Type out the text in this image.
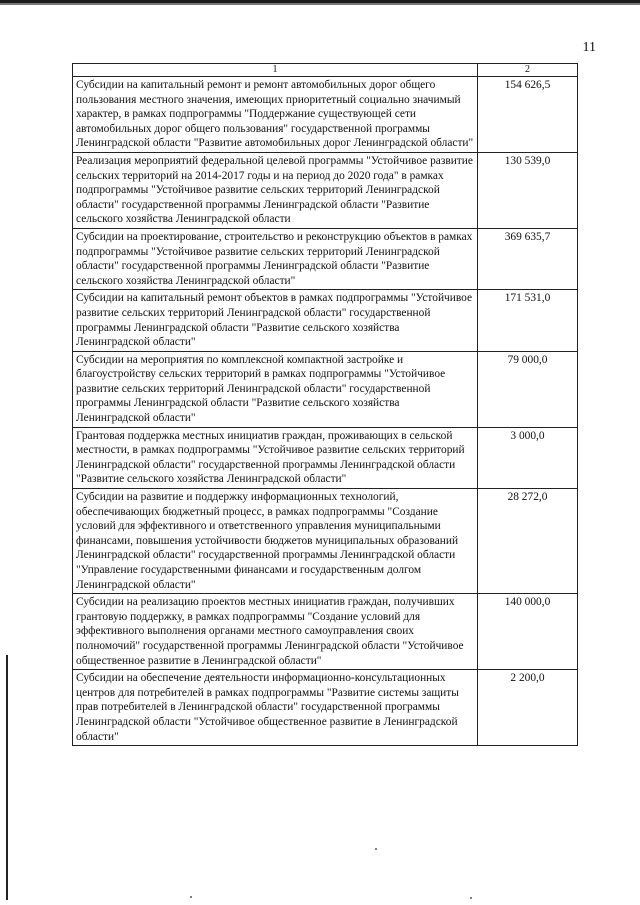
11
1	2
Субсидии на капитальный ремонт и ремонт автомобильных дорог общего пользования местного значения, имеющих приоритетный социально значимый характер, в рамках подпрограммы "Поддержание существующей сети автомобильных дорог общего пользования" государственной программы Ленинградской области "Развитие автомобильных дорог Ленинградской области"	154 626,5
Реализация мероприятий федеральной целевой программы "Устойчивое развитие сельских территорий на 2014-2017 годы и на период до 2020 года" в рамках подпрограммы "Устойчивое развитие сельских территорий Ленинградской области" государственной программы Ленинградской области "Развитие сельского хозяйства Ленинградской области	130 539,0
Субсидии на проектирование, строительство и реконструкцию объектов в рамках подпрограммы "Устойчивое развитие сельских территорий Ленинградской области" государственной программы Ленинградской области "Развитие сельского хозяйства Ленинградской области"	369 635,7
Субсидии на капитальный ремонт объектов в рамках подпрограммы "Устойчивое развитие сельских территорий Ленинградской области" государственной программы Ленинградской области "Развитие сельского хозяйства Ленинградской области"	171 531,0
Субсидии на мероприятия по комплексной компактной застройке и благоустройству сельских территорий в рамках подпрограммы "Устойчивое развитие сельских территорий Ленинградской области" государственной программы Ленинградской области "Развитие сельского хозяйства Ленинградской области"	79 000,0
Грантовая поддержка местных инициатив граждан, проживающих в сельской местности, в рамках подпрограммы "Устойчивое развитие сельских территорий Ленинградской области" государственной программы Ленинградской области "Развитие сельского хозяйства Ленинградской области"	3 000,0
Субсидии на развитие и поддержку информационных технологий, обеспечивающих бюджетный процесс, в рамках подпрограммы "Создание условий для эффективного и ответственного управления муниципальными финансами, повышения устойчивости бюджетов муниципальных образований Ленинградской области" государственной программы Ленинградской области "Управление государственными финансами и государственным долгом Ленинградской области"	28 272,0
Субсидии на реализацию проектов местных инициатив граждан, получивших грантовую поддержку, в рамках подпрограммы "Создание условий для эффективного выполнения органами местного самоуправления своих полномочий" государственной программы Ленинградской области "Устойчивое общественное развитие в Ленинградской области"	140 000,0
Субсидии на обеспечение деятельности информационно-консультационных центров для потребителей в рамках подпрограммы "Развитие системы защиты прав потребителей в Ленинградской области" государственной программы Ленинградской области "Устойчивое общественное развитие в Ленинградской области"	2 200,0
